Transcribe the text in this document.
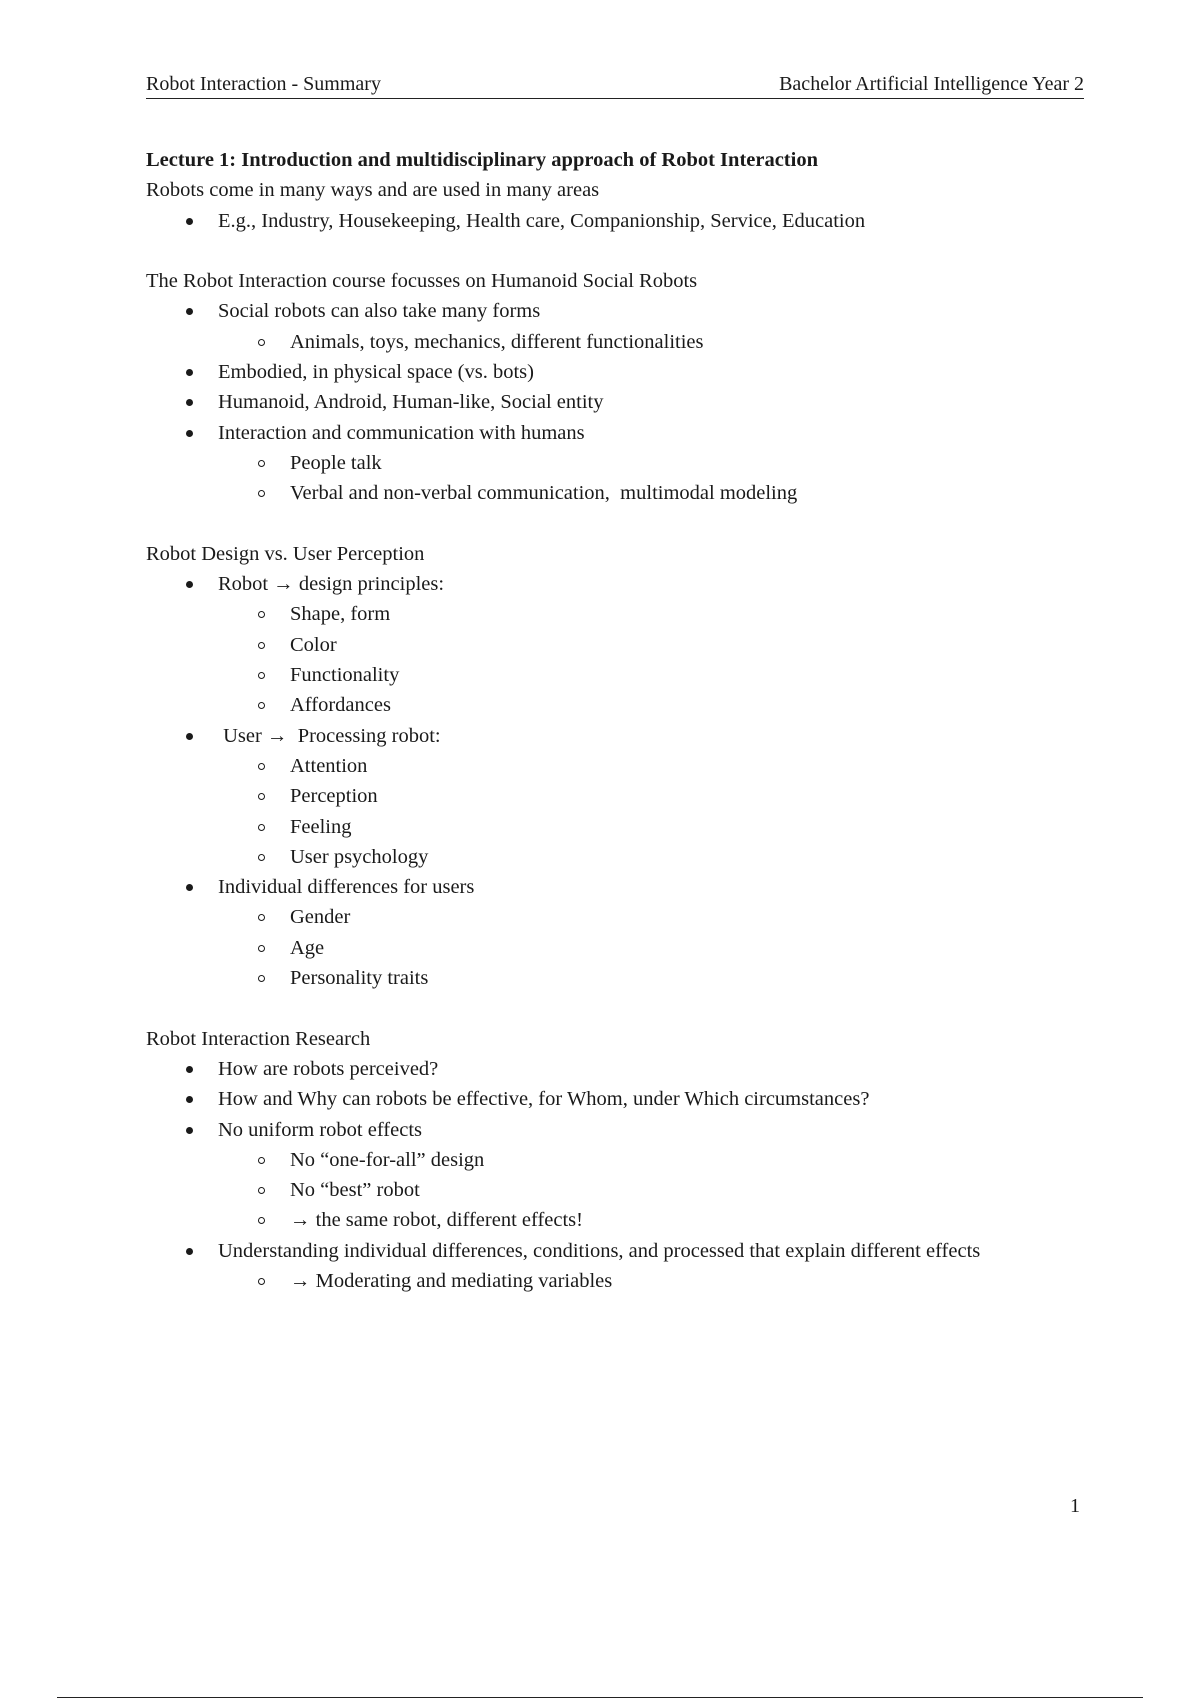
Robot Interaction - Summary	Bachelor Artificial Intelligence Year 2
Lecture 1: Introduction and multidisciplinary approach of Robot Interaction

Robots come in many ways and are used in many areas

E.g., Industry, Housekeeping, Health care, Companionship, Service, Education

The Robot Interaction course focusses on Humanoid Social Robots

Social robots can also take many forms
Animals, toys, mechanics, different functionalities
Embodied, in physical space (vs. bots)
Humanoid, Android, Human-like, Social entity
Interaction and communication with humans
People talk
Verbal and non-verbal communication,  multimodal modeling

Robot Design vs. User Perception

Robot → design principles:
Shape, form
Color
Functionality
Affordances
User →  Processing robot:
Attention
Perception
Feeling
User psychology
Individual differences for users
Gender
Age
Personality traits

Robot Interaction Research

How are robots perceived?
How and Why can robots be effective, for Whom, under Which circumstances?
No uniform robot effects
No “one-for-all” design
No “best” robot
→ the same robot, different effects!
Understanding individual differences, conditions, and processed that explain different effects
→ Moderating and mediating variables
1
